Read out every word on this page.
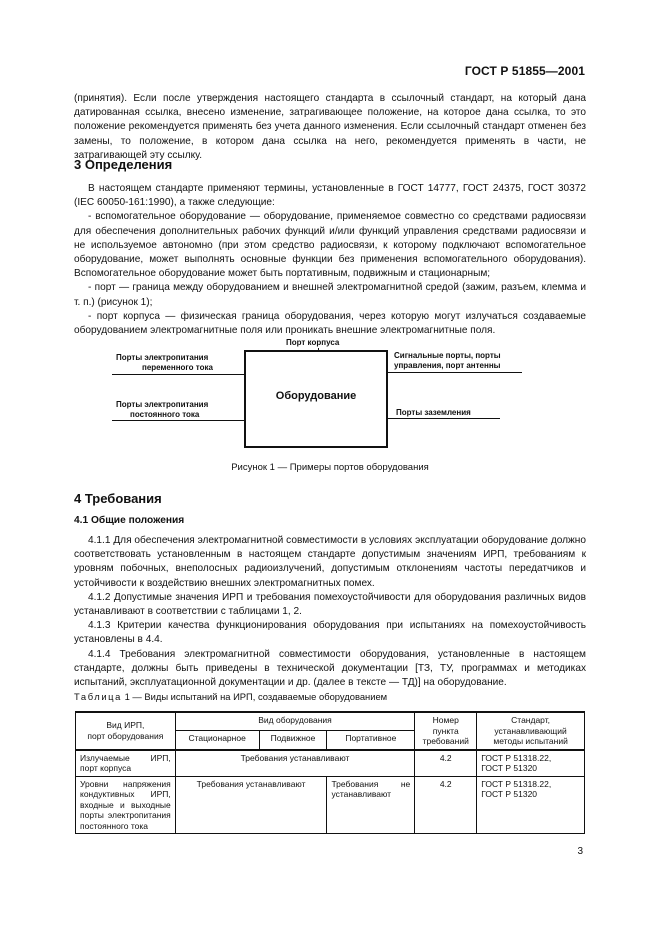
ГОСТ Р 51855—2001

(принятия). Если после утверждения настоящего стандарта в ссылочный стандарт, на который дана датированная ссылка, внесено изменение, затрагивающее положение, на которое дана ссылка, то это положение рекомендуется применять без учета данного изменения. Если ссылочный стандарт отменен без замены, то положение, в котором дана ссылка на него, рекомендуется применять в части, не затрагивающей эту ссылку.

3 Определения

В настоящем стандарте применяют термины, установленные в ГОСТ 14777, ГОСТ 24375, ГОСТ 30372 (IEC 60050-161:1990), а также следующие:

- вспомогательное оборудование — оборудование, применяемое совместно со средствами радиосвязи для обеспечения дополнительных рабочих функций и/или функций управления средствами радиосвязи и не используемое автономно (при этом средство радиосвязи, к которому подключают вспомогательное оборудование, может выполнять основные функции без применения вспомогательного оборудования). Вспомогательное оборудование может быть портативным, подвижным и стационарным;

- порт — граница между оборудованием и внешней электромагнитной средой (зажим, разъем, клемма и т. п.) (рисунок 1);

- порт корпуса — физическая граница оборудования, через которую могут излучаться создаваемые оборудованием электромагнитные поля или проникать внешние электромагнитные поля.

Порт корпуса
Оборудование
Порты электропитания
переменного тока
Порты электропитания
постоянного тока
Сигнальные порты, порты
управления, порт антенны
Порты заземления
Рисунок 1 — Примеры портов оборудования
4 Требования
4.1 Общие положения

4.1.1 Для обеспечения электромагнитной совместимости в условиях эксплуатации оборудование должно соответствовать установленным в настоящем стандарте допустимым значениям ИРП, требованиям к уровням побочных, внеполосных радиоизлучений, допустимым отклонениям частоты передатчиков и устойчивости к воздействию внешних электромагнитных помех.

4.1.2 Допустимые значения ИРП и требования помехоустойчивости для оборудования различных видов устанавливают в соответствии с таблицами 1, 2.

4.1.3 Критерии качества функционирования оборудования при испытаниях на помехоустойчивость установлены в 4.4.

4.1.4 Требования электромагнитной совместимости оборудования, установленные в настоящем стандарте, должны быть приведены в технической документации [ТЗ, ТУ, программах и методиках испытаний, эксплуатационной документации и др. (далее в тексте — ТД)] на оборудование.

Таблица 1 — Виды испытаний на ИРП, создаваемые оборудованием
Вид ИРП,
порт оборудования	Вид оборудования			Номер
пункта
требований	Стандарт,
устанавливающий
методы испытаний
	Стационарное	Подвижное	Портативное		
Излучаемые ИРП, порт корпуса	Требования устанавливают			4.2	ГОСТ Р 51318.22,
ГОСТ Р 51320
Уровни напряжения кондуктивных ИРП, входные и выходные порты электропитания постоянного тока	Требования устанавливают		Требования не устанавливают	4.2	ГОСТ Р 51318.22,
ГОСТ Р 51320
3
